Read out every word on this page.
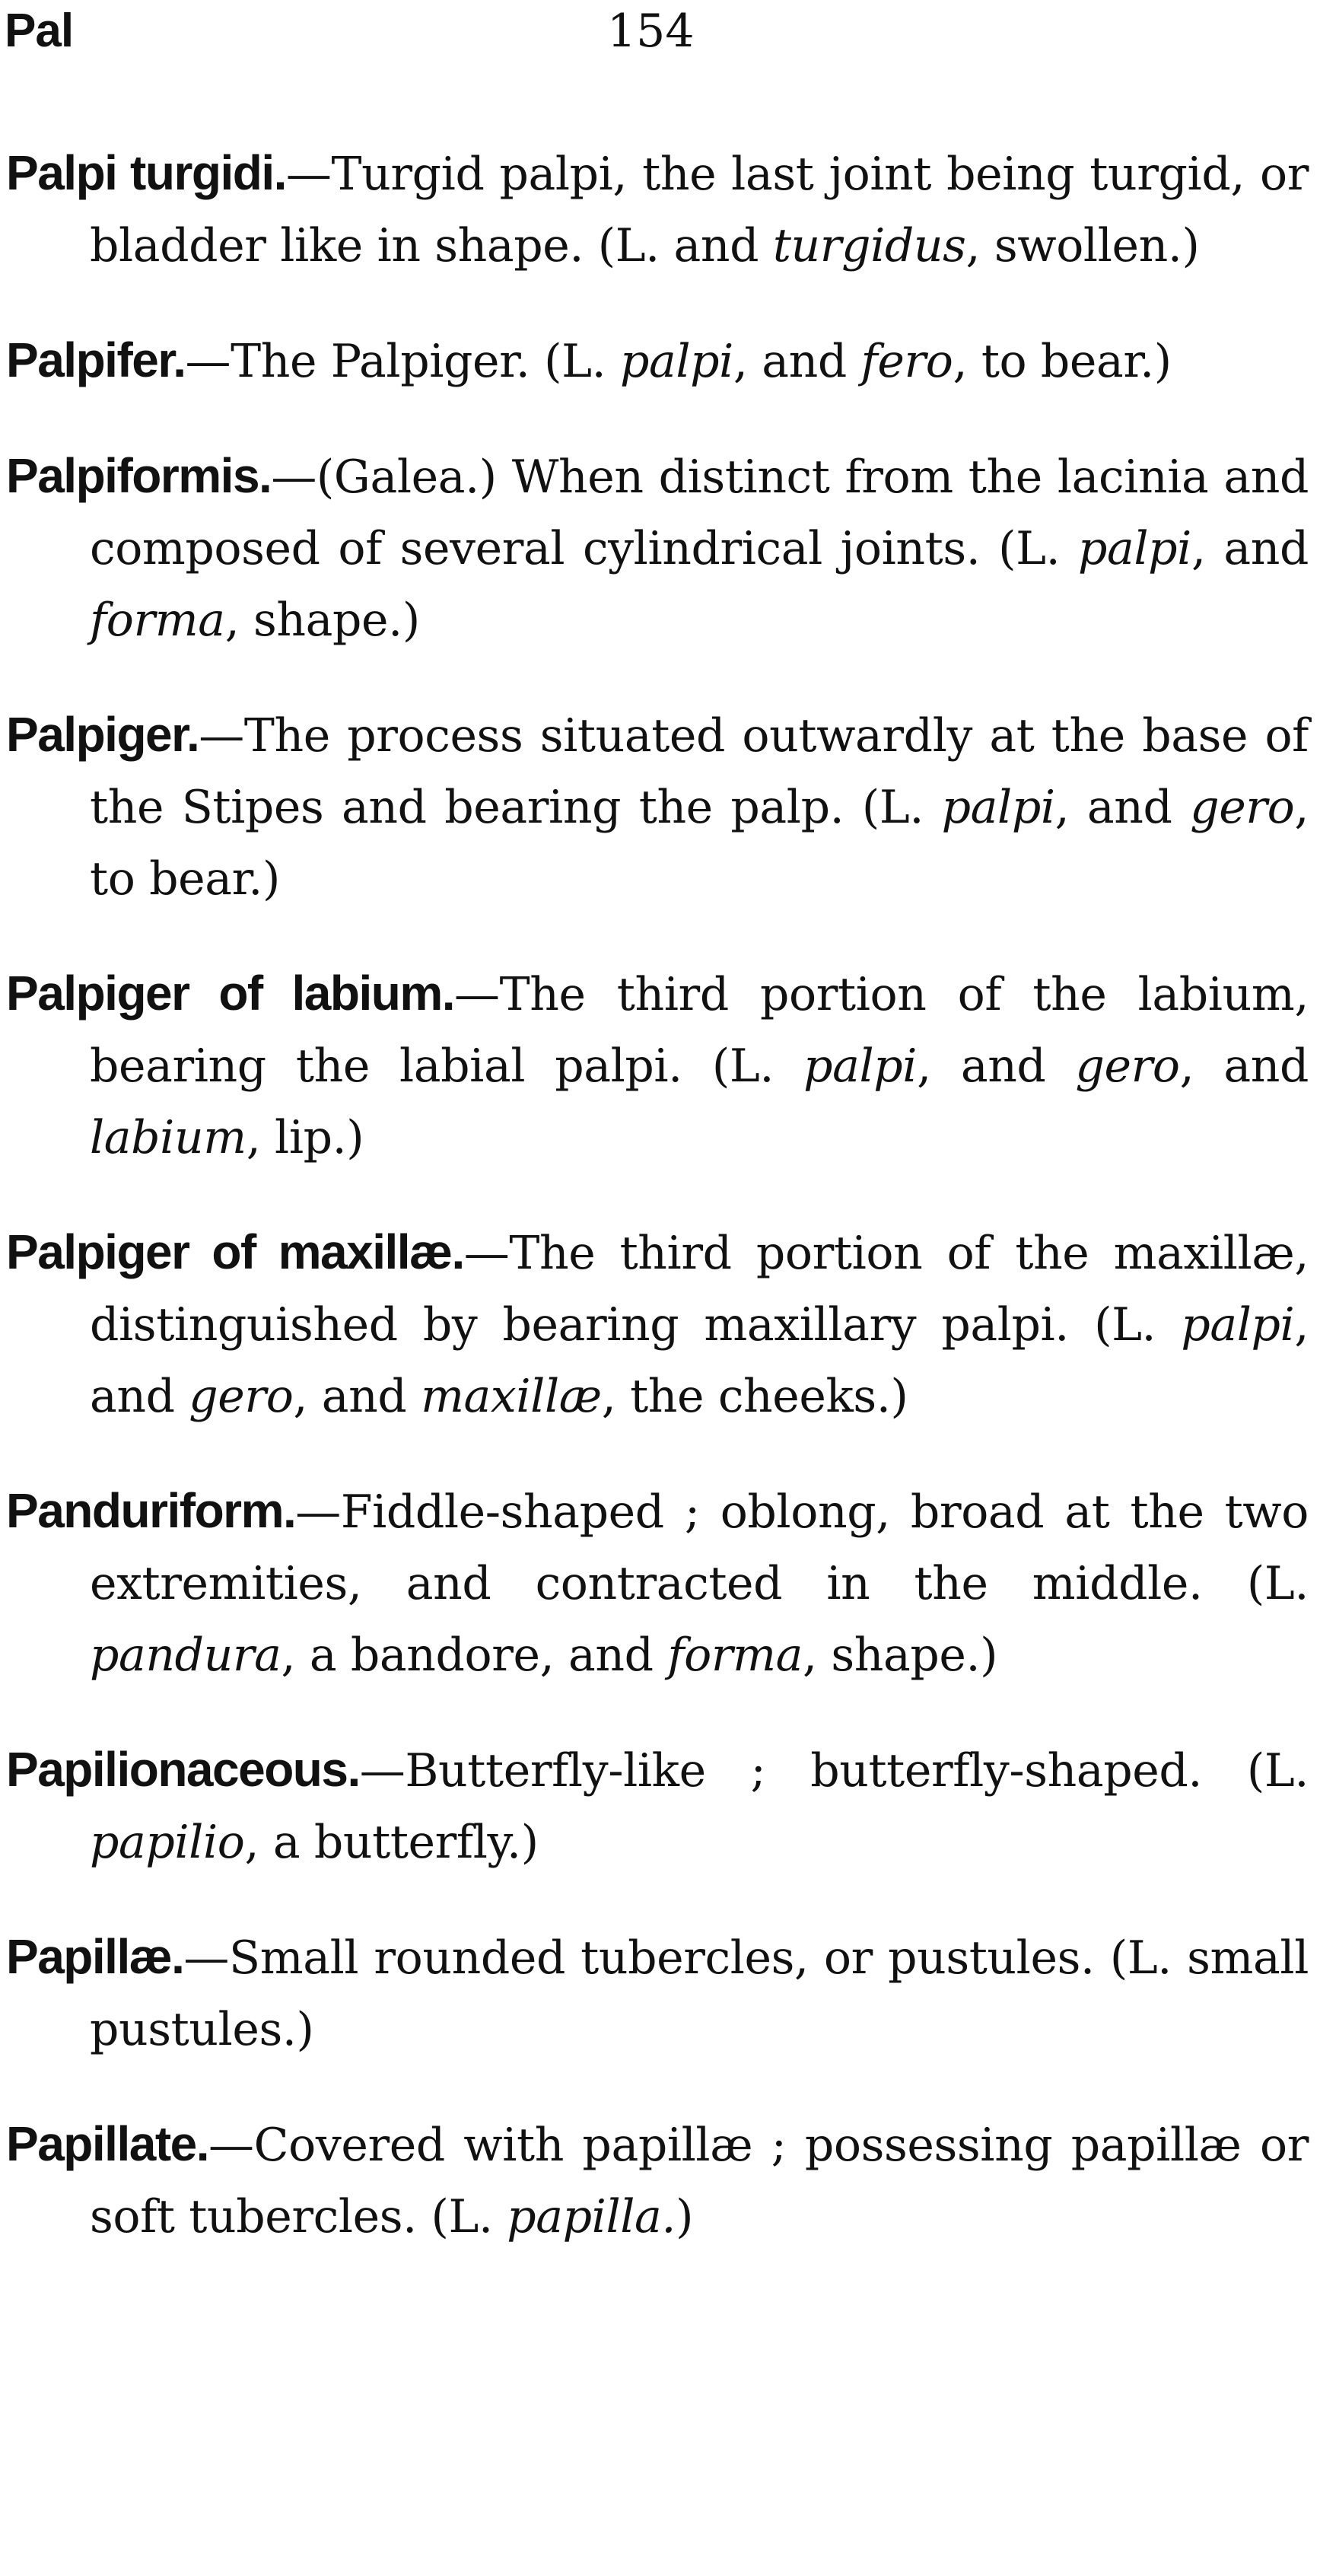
Pal	154

Palpi turgidi.—Turgid palpi, the last joint being turgid, or bladder like in shape. (L. and turgidus, swollen.)

Palpifer.—The Palpiger. (L. palpi, and fero, to bear.)

Palpiformis.—(Galea.) When distinct from the lacinia and composed of several cylindrical joints. (L. palpi, and forma, shape.)

Palpiger.—The process situated outwardly at the base of the Stipes and bearing the palp. (L. palpi, and gero, to bear.)

Palpiger of labium.—The third portion of the labium, bearing the labial palpi. (L. palpi, and gero, and labium, lip.)

Palpiger of maxillæ.—The third portion of the maxillæ, distinguished by bearing maxillary palpi. (L. palpi, and gero, and maxillæ, the cheeks.)

Panduriform.—Fiddle-shaped ; oblong, broad at the two extremities, and contracted in the middle. (L. pandura, a bandore, and forma, shape.)

Papilionaceous.—Butterfly-like ; butterfly-shaped. (L. papilio, a butterfly.)

Papillæ.—Small rounded tubercles, or pustules. (L. small pustules.)

Papillate.—Covered with papillæ ; possessing papillæ or soft tubercles. (L. papilla.)
